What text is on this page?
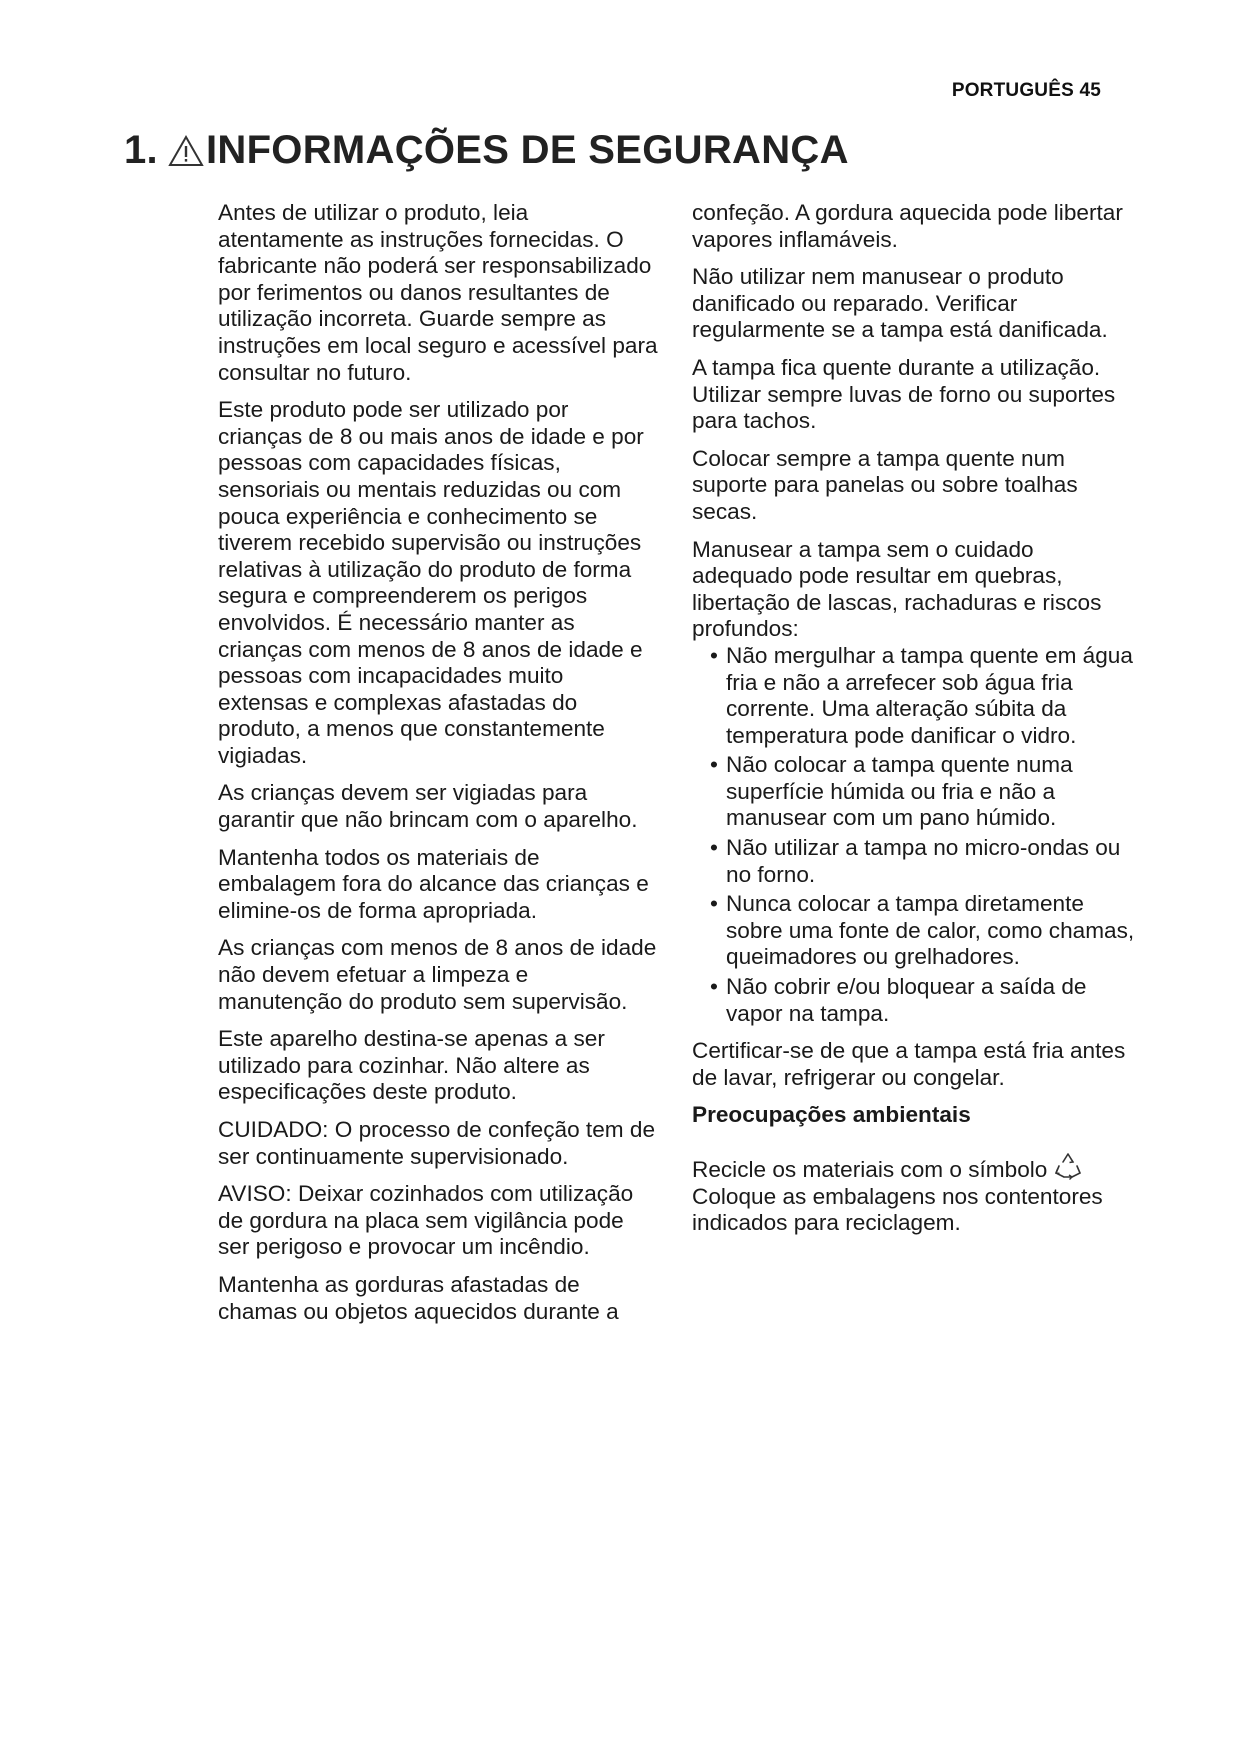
PORTUGUÊS 45
1. INFORMAÇÕES DE SEGURANÇA

Antes de utilizar o produto, leia atentamente as instruções fornecidas. O fabricante não poderá ser responsabilizado por ferimentos ou danos resultantes de utilização incorreta. Guarde sempre as instruções em local seguro e acessível para consultar no futuro.

Este produto pode ser utilizado por crianças de 8 ou mais anos de idade e por pessoas com capacidades físicas, sensoriais ou mentais reduzidas ou com pouca experiência e conhecimento se tiverem recebido supervisão ou instruções relativas à utilização do produto de forma segura e compreenderem os perigos envolvidos. É necessário manter as crianças com menos de 8 anos de idade e pessoas com incapacidades muito extensas e complexas afastadas do produto, a menos que constantemente vigiadas.

As crianças devem ser vigiadas para garantir que não brincam com o aparelho.

Mantenha todos os materiais de embalagem fora do alcance das crianças e elimine-os de forma apropriada.

As crianças com menos de 8 anos de idade não devem efetuar a limpeza e manutenção do produto sem supervisão.

Este aparelho destina-se apenas a ser utilizado para cozinhar. Não altere as especificações deste produto.

CUIDADO: O processo de confeção tem de ser continuamente supervisionado.

AVISO: Deixar cozinhados com utilização de gordura na placa sem vigilância pode ser perigoso e provocar um incêndio.

Mantenha as gorduras afastadas de chamas ou objetos aquecidos durante a

confeção. A gordura aquecida pode libertar vapores inflamáveis.

Não utilizar nem manusear o produto danificado ou reparado. Verificar regularmente se a tampa está danificada.

A tampa fica quente durante a utilização. Utilizar sempre luvas de forno ou suportes para tachos.

Colocar sempre a tampa quente num suporte para panelas ou sobre toalhas secas.

Manusear a tampa sem o cuidado adequado pode resultar em quebras, libertação de lascas, rachaduras e riscos profundos:

• Não mergulhar a tampa quente em água fria e não a arrefecer sob água fria corrente. Uma alteração súbita da temperatura pode danificar o vidro.
• Não colocar a tampa quente numa superfície húmida ou fria e não a manusear com um pano húmido.
• Não utilizar a tampa no micro-ondas ou no forno.
• Nunca colocar a tampa diretamente sobre uma fonte de calor, como chamas, queimadores ou grelhadores.
• Não cobrir e/ou bloquear a saída de vapor na tampa.

Certificar-se de que a tampa está fria antes de lavar, refrigerar ou congelar.

Preocupações ambientais

Recicle os materiais com o símbolo

Coloque as embalagens nos contentores indicados para reciclagem.
